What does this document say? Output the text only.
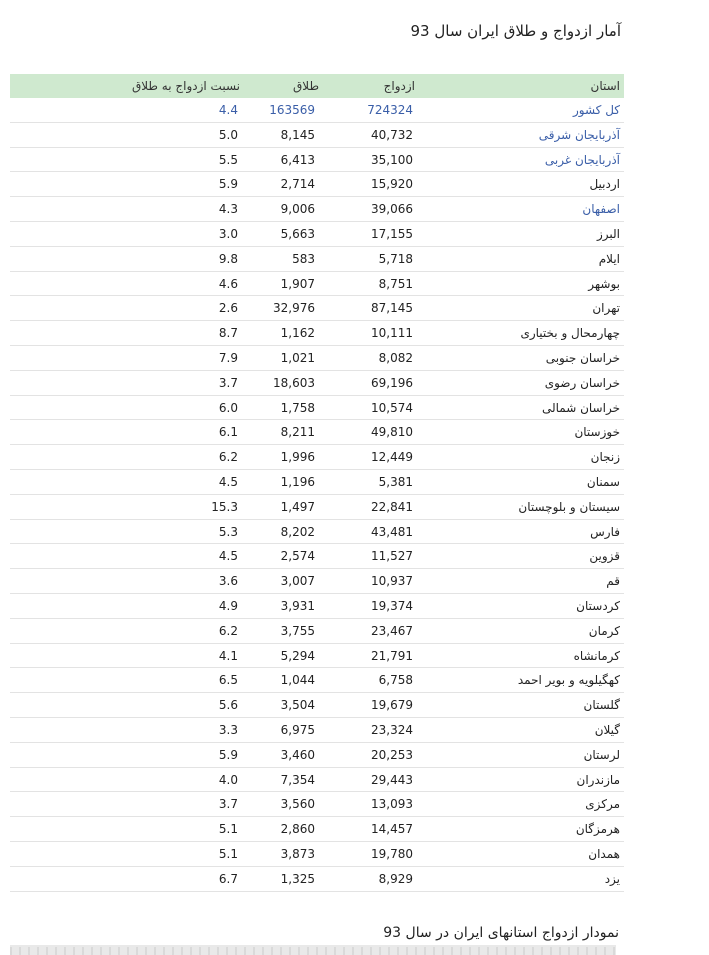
آمار ازدواج و طلاق ایران سال 93
استان
ازدواج
طلاق
نسبت ازدواج به طلاق
کل کشور
724324
163569
4.4
آذربایجان شرقی
40,732
8,145
5.0
آذربایجان غربی
35,100
6,413
5.5
اردبیل
15,920
2,714
5.9
اصفهان
39,066
9,006
4.3
البرز
17,155
5,663
3.0
ایلام
5,718
583
9.8
بوشهر
8,751
1,907
4.6
تهران
87,145
32,976
2.6
چهارمحال و بختیاری
10,111
1,162
8.7
خراسان جنوبی
8,082
1,021
7.9
خراسان رضوی
69,196
18,603
3.7
خراسان شمالی
10,574
1,758
6.0
خوزستان
49,810
8,211
6.1
زنجان
12,449
1,996
6.2
سمنان
5,381
1,196
4.5
سیستان و بلوچستان
22,841
1,497
15.3
فارس
43,481
8,202
5.3
قزوین
11,527
2,574
4.5
قم
10,937
3,007
3.6
کردستان
19,374
3,931
4.9
کرمان
23,467
3,755
6.2
کرمانشاه
21,791
5,294
4.1
کهگیلویه و بویر احمد
6,758
1,044
6.5
گلستان
19,679
3,504
5.6
گیلان
23,324
6,975
3.3
لرستان
20,253
3,460
5.9
مازندران
29,443
7,354
4.0
مرکزی
13,093
3,560
3.7
هرمزگان
14,457
2,860
5.1
همدان
19,780
3,873
5.1
یزد
8,929
1,325
6.7
نمودار ازدواج استانهای ایران در سال 93
